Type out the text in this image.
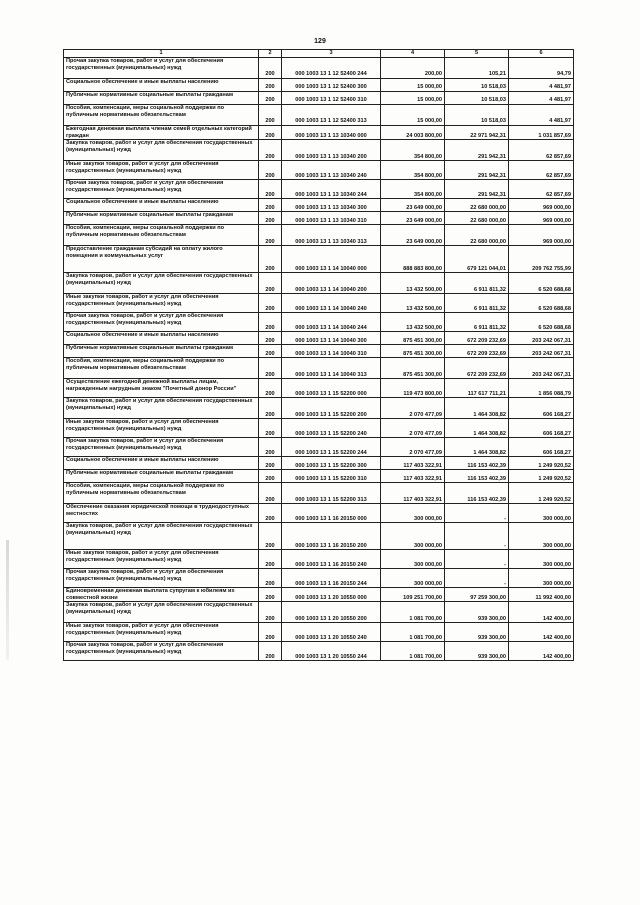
129
1	2	3	4	5	6
Прочая закупка товаров, работ и услуг для обеспечения государственных (муниципальных) нужд	200	000 1003 13 1 12 52400 244	200,00	105,21	94,79
Социальное обеспечение и иные выплаты населению	200	000 1003 13 1 12 52400 300	15 000,00	10 518,03	4 481,97
Публичные нормативные социальные выплаты гражданам	200	000 1003 13 1 12 52400 310	15 000,00	10 518,03	4 481,97
Пособия, компенсации, меры социальной поддержки по публичным нормативным обязательствам	200	000 1003 13 1 12 52400 313	15 000,00	10 518,03	4 481,97
Ежегодная денежная выплата членам семей отдельных категорий граждан	200	000 1003 13 1 13 10340 000	24 003 800,00	22 971 942,31	1 031 857,69
Закупка товаров, работ и услуг для обеспечения государственных (муниципальных) нужд	200	000 1003 13 1 13 10340 200	354 800,00	291 942,31	62 857,69
Иные закупки товаров, работ и услуг для обеспечения государственных (муниципальных) нужд	200	000 1003 13 1 13 10340 240	354 800,00	291 942,31	62 857,69
Прочая закупка товаров, работ и услуг для обеспечения государственных (муниципальных) нужд	200	000 1003 13 1 13 10340 244	354 800,00	291 942,31	62 857,69
Социальное обеспечение и иные выплаты населению	200	000 1003 13 1 13 10340 300	23 649 000,00	22 680 000,00	969 000,00
Публичные нормативные социальные выплаты гражданам	200	000 1003 13 1 13 10340 310	23 649 000,00	22 680 000,00	969 000,00
Пособия, компенсации, меры социальной поддержки по публичным нормативным обязательствам	200	000 1003 13 1 13 10340 313	23 649 000,00	22 680 000,00	969 000,00
Предоставление гражданам субсидий на оплату жилого помещения и коммунальных услуг	200	000 1003 13 1 14 10040 000	888 883 800,00	679 121 044,01	209 762 755,99
Закупка товаров, работ и услуг для обеспечения государственных (муниципальных) нужд	200	000 1003 13 1 14 10040 200	13 432 500,00	6 911 811,32	6 520 688,68
Иные закупки товаров, работ и услуг для обеспечения государственных (муниципальных) нужд	200	000 1003 13 1 14 10040 240	13 432 500,00	6 911 811,32	6 520 688,68
Прочая закупка товаров, работ и услуг для обеспечения государственных (муниципальных) нужд	200	000 1003 13 1 14 10040 244	13 432 500,00	6 911 811,32	6 520 688,68
Социальное обеспечение и иные выплаты населению	200	000 1003 13 1 14 10040 300	875 451 300,00	672 209 232,69	203 242 067,31
Публичные нормативные социальные выплаты гражданам	200	000 1003 13 1 14 10040 310	875 451 300,00	672 209 232,69	203 242 067,31
Пособия, компенсации, меры социальной поддержки по публичным нормативным обязательствам	200	000 1003 13 1 14 10040 313	875 451 300,00	672 209 232,69	203 242 067,31
Осуществление ежегодной денежной выплаты лицам, награжденным нагрудным знаком "Почетный донор России"	200	000 1003 13 1 15 52200 000	119 473 800,00	117 617 711,21	1 856 088,79
Закупка товаров, работ и услуг для обеспечения государственных (муниципальных) нужд	200	000 1003 13 1 15 52200 200	2 070 477,09	1 464 308,82	606 168,27
Иные закупки товаров, работ и услуг для обеспечения государственных (муниципальных) нужд	200	000 1003 13 1 15 52200 240	2 070 477,09	1 464 308,82	606 168,27
Прочая закупка товаров, работ и услуг для обеспечения государственных (муниципальных) нужд	200	000 1003 13 1 15 52200 244	2 070 477,09	1 464 308,82	606 168,27
Социальное обеспечение и иные выплаты населению	200	000 1003 13 1 15 52200 300	117 403 322,91	116 153 402,39	1 249 920,52
Публичные нормативные социальные выплаты гражданам	200	000 1003 13 1 15 52200 310	117 403 322,91	116 153 402,39	1 249 920,52
Пособия, компенсации, меры социальной поддержки по публичным нормативным обязательствам	200	000 1003 13 1 15 52200 313	117 403 322,91	116 153 402,39	1 249 920,52
Обеспечение оказания юридической помощи в труднодоступных местностях	200	000 1003 13 1 16 20150 000	300 000,00	-	300 000,00
Закупка товаров, работ и услуг для обеспечения государственных (муниципальных) нужд	200	000 1003 13 1 16 20150 200	300 000,00	-	300 000,00
Иные закупки товаров, работ и услуг для обеспечения государственных (муниципальных) нужд	200	000 1003 13 1 16 20150 240	300 000,00	-	300 000,00
Прочая закупка товаров, работ и услуг для обеспечения государственных (муниципальных) нужд	200	000 1003 13 1 16 20150 244	300 000,00	-	300 000,00
Единовременная денежная выплата супругам к юбилеям их совместной жизни	200	000 1003 13 1 20 10550 000	109 251 700,00	97 259 300,00	11 992 400,00
Закупка товаров, работ и услуг для обеспечения государственных (муниципальных) нужд	200	000 1003 13 1 20 10550 200	1 081 700,00	939 300,00	142 400,00
Иные закупки товаров, работ и услуг для обеспечения государственных (муниципальных) нужд	200	000 1003 13 1 20 10550 240	1 081 700,00	939 300,00	142 400,00
Прочая закупка товаров, работ и услуг для обеспечения государственных (муниципальных) нужд	200	000 1003 13 1 20 10550 244	1 081 700,00	939 300,00	142 400,00
